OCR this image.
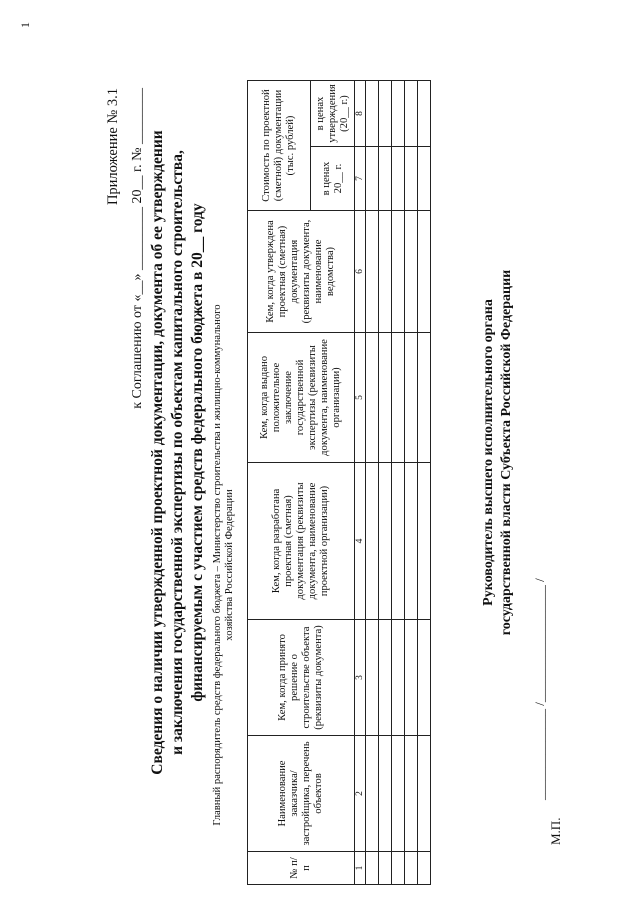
Приложение № 3.1 к Соглашению от «__» _________ 20__ г. № ________ Сведения о наличии утвержденной проектной документации, документа об ее утверждении и заключения государственной экспертизы по объектам капитального строительства, финансируемым с участием средств федерального бюджета в 20__ году Главный распорядитель средств федерального бюджета – Министерство строительства и жилищно-коммунального хозяйства Российской Федерации
№ п/п	Наименование заказчика/ застройщика, перечень объектов	Кем, когда принято решение о строительстве объекта (реквизиты документа)	Кем, когда разработана проектная (сметная) документация (реквизиты документа, наименование проектной организации)	Кем, когда выдано положительное заключение государственной экспертизы (реквизиты документа, наименование организации)	Кем, когда утверждена проектная (сметная) документация (реквизиты документа, наименование ведомства)	Стоимость по проектной (сметной) документации (тыс. рублей)	
						в ценах 20__ г.	в ценах утверждения (20__ г.)
1	2	3	4	5	6	7	8

Руководитель высшего исполнительного органа государственной власти Субъекта Российской Федерации
М.П.
______________ /__________________ /
1
